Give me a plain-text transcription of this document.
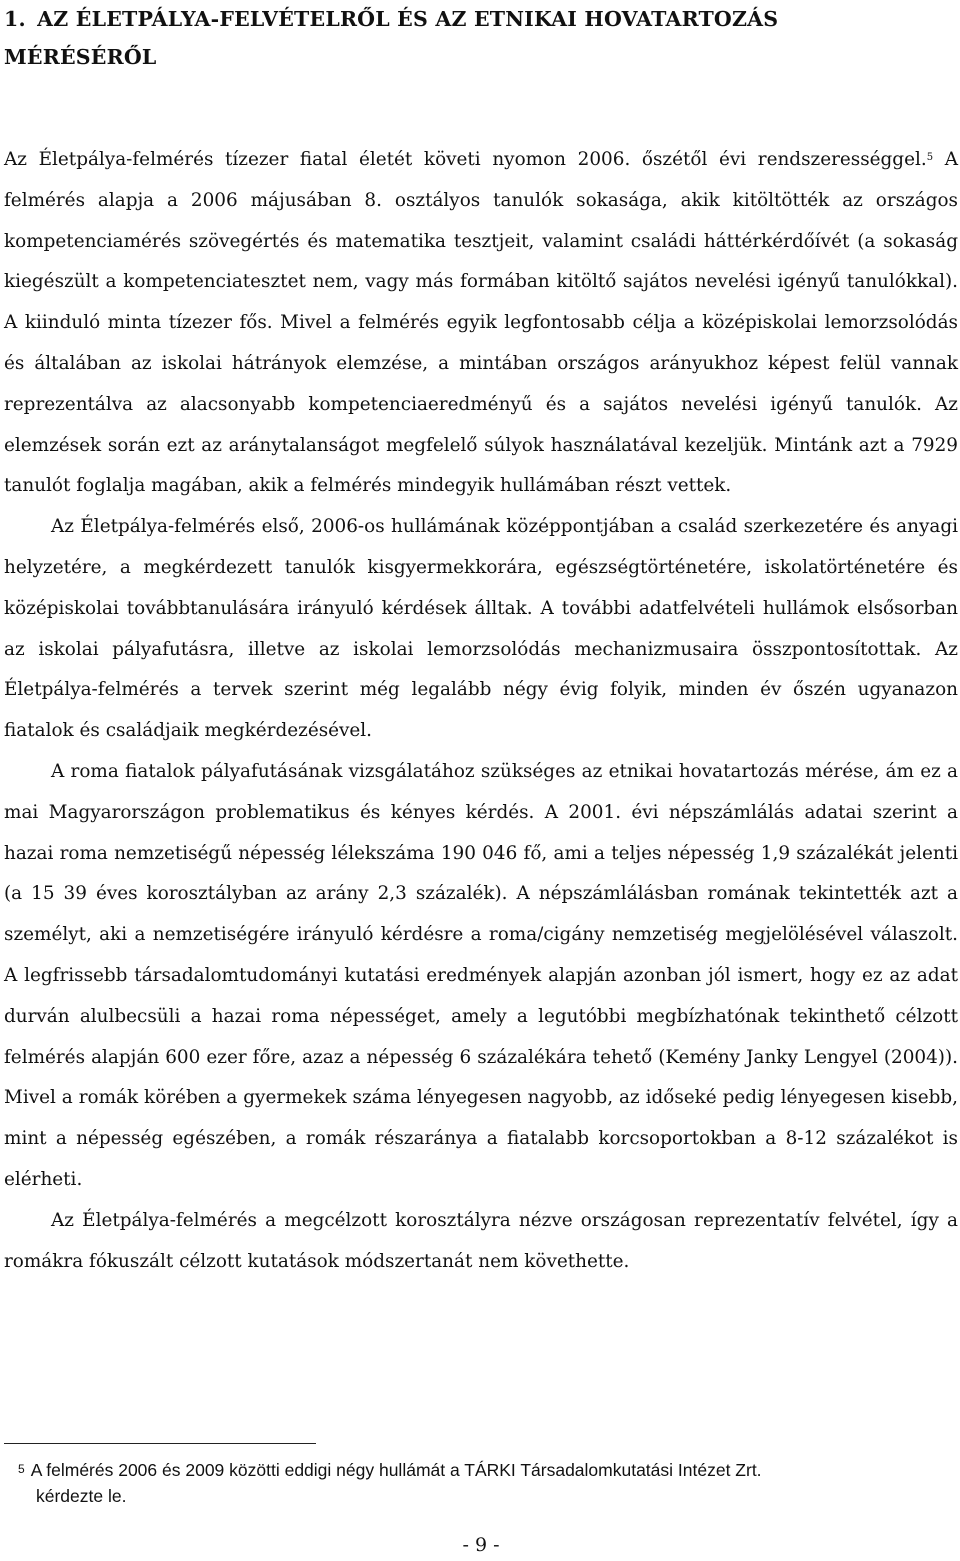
1. AZ ÉLETPÁLYA-FELVÉTELRŐL ÉS AZ ETNIKAI HOVATARTOZÁS
MÉRÉSÉRŐL

Az Életpálya-felmérés tízezer fiatal életét követi nyomon 2006. őszétől évi rendszerességgel.$^5$ A felmérés alapja a 2006 májusában 8. osztályos tanulók sokasága, akik kitöltötték az országos kompetenciamérés szövegértés és matematika tesztjeit, valamint családi háttérkérdőívét (a sokaság kiegészült a kompetenciatesztet nem, vagy más formában kitöltő sajátos nevelési igényű tanulókkal). A kiinduló minta tízezer fős. Mivel a felmérés egyik legfontosabb célja a középiskolai lemorzsolódás és általában az iskolai hátrányok elemzése, a mintában országos arányukhoz képest felül vannak reprezentálva az alacsonyabb kompetenciaeredményű és a sajátos nevelési igényű tanulók. Az elemzések során ezt az aránytalanságot megfelelő súlyok használatával kezeljük. Mintánk azt a 7929 tanulót foglalja magában, akik a felmérés mindegyik hullámában részt vettek.

Az Életpálya-felmérés első, 2006-os hullámának középpontjában a család szerkezetére és anyagi helyzetére, a megkérdezett tanulók kisgyermekkorára, egészségtörténetére, iskolatörténetére és középiskolai továbbtanulására irányuló kérdések álltak. A további adatfelvételi hullámok elsősorban az iskolai pályafutásra, illetve az iskolai lemorzsolódás mechanizmusaira összpontosítottak. Az Életpálya-felmérés a tervek szerint még legalább négy évig folyik, minden év őszén ugyanazon fiatalok és családjaik megkérdezésével.

A roma fiatalok pályafutásának vizsgálatához szükséges az etnikai hovatartozás mérése, ám ez a mai Magyarországon problematikus és kényes kérdés. A 2001. évi népszámlálás adatai szerint a hazai roma nemzetiségű népesség lélekszáma 190 046 fő, ami a teljes népesség 1,9 százalékát jelenti (a 15 39 éves korosztályban az arány 2,3 százalék). A népszámlálásban romának tekintették azt a személyt, aki a nemzetiségére irányuló kérdésre a roma/cigány nemzetiség megjelölésével válaszolt. A legfrissebb társadalomtudományi kutatási eredmények alapján azonban jól ismert, hogy ez az adat durván alulbecsüli a hazai roma népességet, amely a legutóbbi megbízhatónak tekinthető célzott felmérés alapján 600 ezer főre, azaz a népesség 6 százalékára tehető (Kemény Janky Lengyel (2004)). Mivel a romák körében a gyermekek száma lényegesen nagyobb, az időseké pedig lényegesen kisebb, mint a népesség egészében, a romák részaránya a fiatalabb korcsoportokban a 8-12 százalékot is elérheti.

Az Életpálya-felmérés a megcélzott korosztályra nézve országosan reprezentatív felvétel, így a romákra fókuszált célzott kutatások módszertanát nem követhette.

5 A felmérés 2006 és 2009 közötti eddigi négy hullámát a TÁRKI Társadalomkutatási Intézet Zrt.
kérdezte le.
- 9 -
